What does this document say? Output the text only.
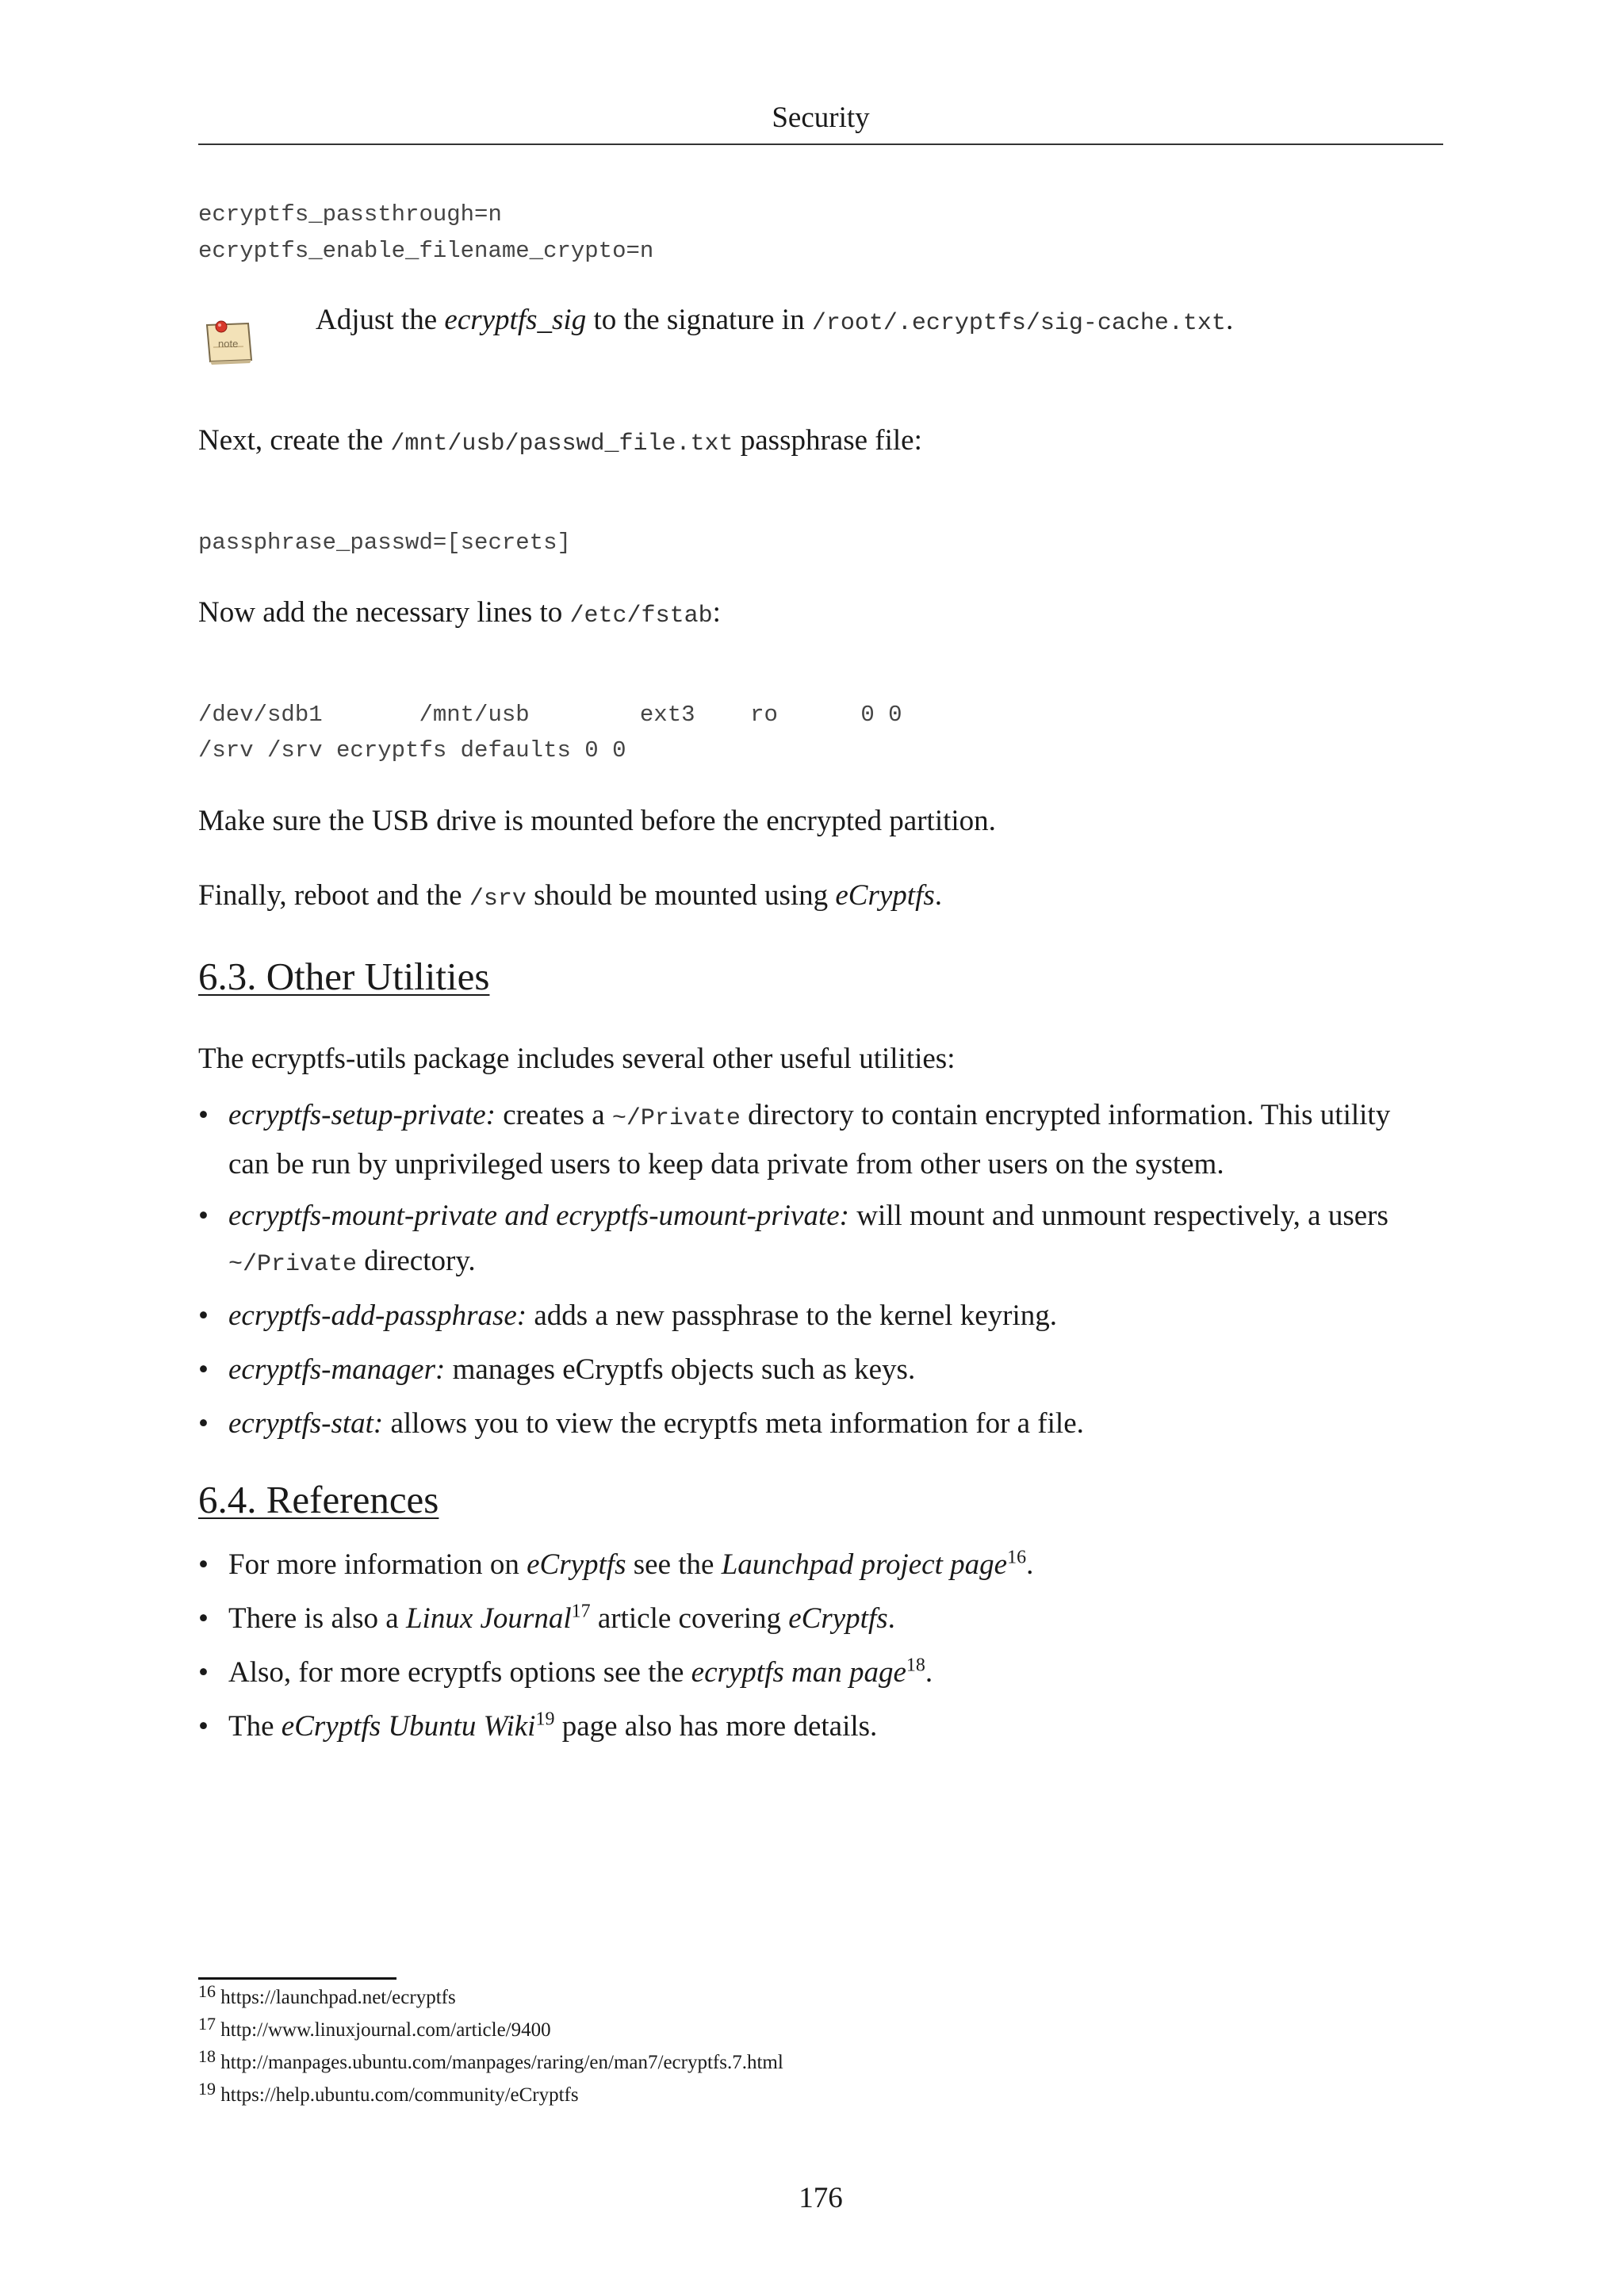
Security
ecryptfs_passthrough=n
ecryptfs_enable_filename_crypto=n
note
Adjust the ecryptfs_sig to the signature in /root/.ecryptfs/sig-cache.txt.
Next, create the /mnt/usb/passwd_file.txt passphrase file:
passphrase_passwd=[secrets]
Now add the necessary lines to /etc/fstab:
/dev/sdb1       /mnt/usb        ext3    ro      0 0
/srv /srv ecryptfs defaults 0 0
Make sure the USB drive is mounted before the encrypted partition.
Finally, reboot and the /srv should be mounted using eCryptfs.
6.3. Other Utilities
The ecryptfs-utils package includes several other useful utilities:
• ecryptfs-setup-private: creates a ~/Private directory to contain encrypted information. This utility
can be run by unprivileged users to keep data private from other users on the system.
• ecryptfs-mount-private and ecryptfs-umount-private: will mount and unmount respectively, a users
~/Private directory.
• ecryptfs-add-passphrase: adds a new passphrase to the kernel keyring.
• ecryptfs-manager: manages eCryptfs objects such as keys.
• ecryptfs-stat: allows you to view the ecryptfs meta information for a file.
6.4. References
• For more information on eCryptfs see the Launchpad project page$^{16}$.
• There is also a Linux Journal$^{17}$ article covering eCryptfs.
• Also, for more ecryptfs options see the ecryptfs man page$^{18}$.
• The eCryptfs Ubuntu Wiki$^{19}$ page also has more details.
$^{16}$ https://launchpad.net/ecryptfs
$^{17}$ http://www.linuxjournal.com/article/9400
$^{18}$ http://manpages.ubuntu.com/manpages/raring/en/man7/ecryptfs.7.html
$^{19}$ https://help.ubuntu.com/community/eCryptfs
176
